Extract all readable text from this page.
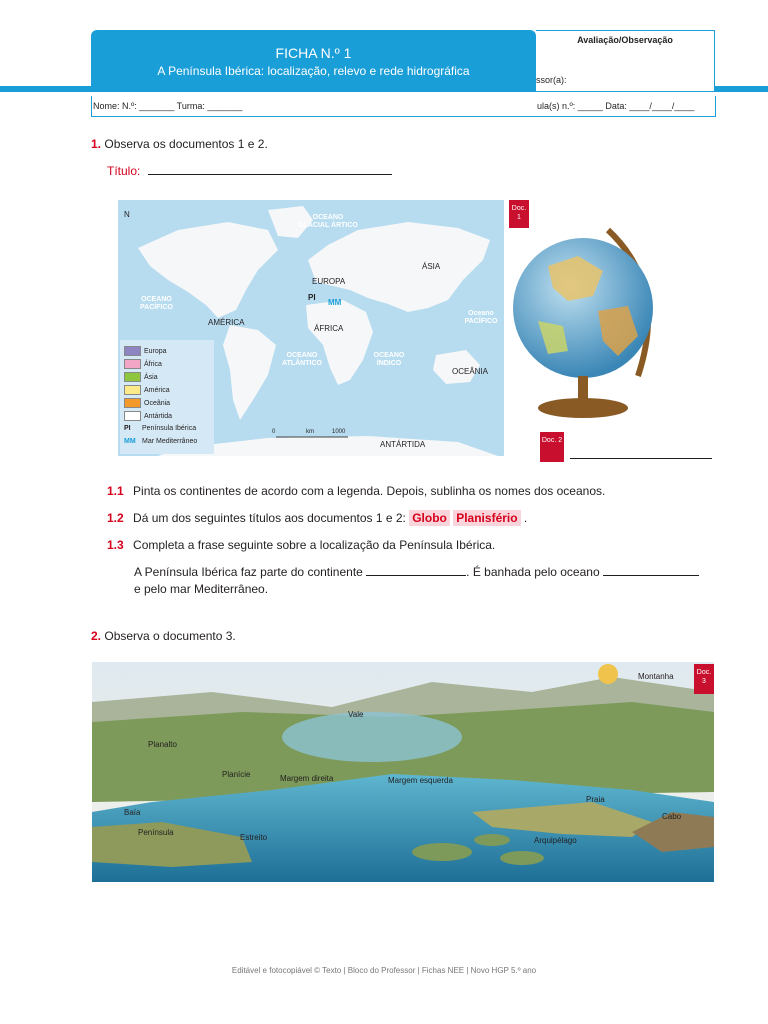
FICHA N.º 1
A Península Ibérica: localização, relevo e rede hidrográfica
Avaliação/Observação
ssor(a):
Nome: N.º: _______ Turma: _______	ula(s) n.º: _____ Data: ____/____/____
1. Observa os documentos 1 e 2.
Título:
N	OCEANO GLACIAL ÁRTICO
OCEANO PACÍFICO
Oceano PACÍFICO
OCEANO ATLÂNTICO
OCEANO ÍNDICO
EUROPA
ÁSIA
AMÉRICA
ÁFRICA
OCEÂNIA
ANTÁRTIDA
PI
MM
0	km	1000
Europa
África
Ásia
América
Oceânia
Antártida
PI Península Ibérica
MM Mar Mediterrâneo
Doc. 1
Doc. 2
1.1 Pinta os continentes de acordo com a legenda. Depois, sublinha os nomes dos oceanos.
1.2 Dá um dos seguintes títulos aos documentos 1 e 2: Globo Planisfério .
1.3 Completa a frase seguinte sobre a localização da Península Ibérica.
A Península Ibérica faz parte do continente	. É banhada pelo oceano
e pelo mar Mediterrâneo.
2. Observa o documento 3.
Montanha
Vale
Planalto
Planície	Margem direita	Margem esquerda
Baía
Península
Estreito
Praia
Arquipélago
Cabo
Doc. 3
Editável e fotocopiável © Texto | Bloco do Professor | Fichas NEE | Novo HGP 5.º ano
